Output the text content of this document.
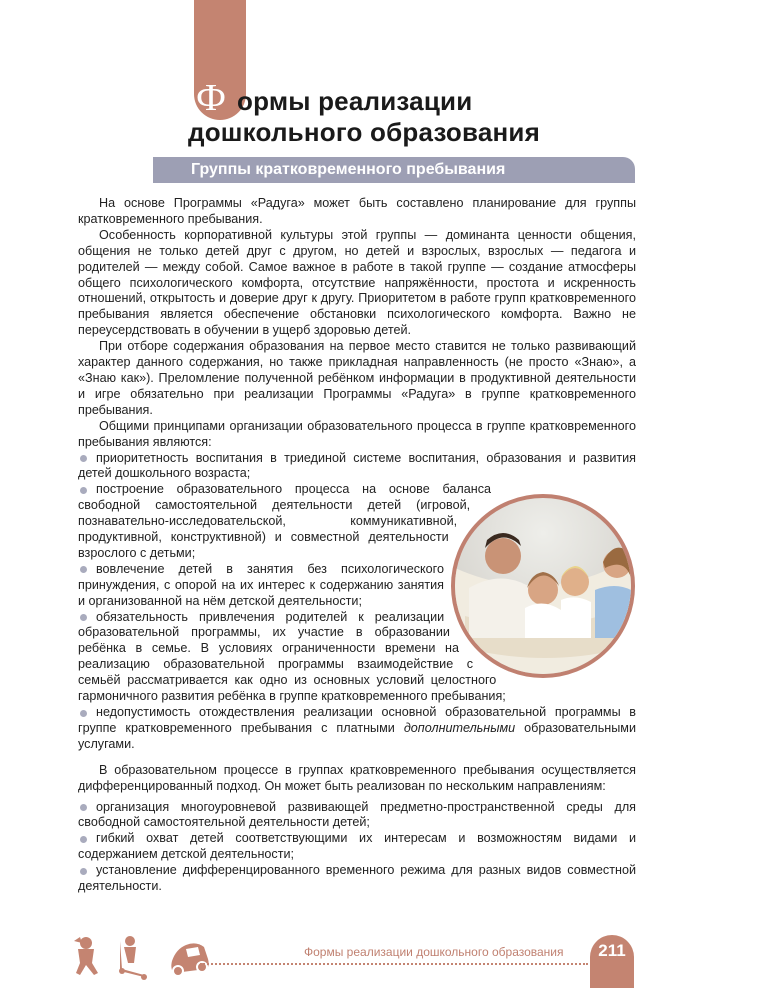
Ф ормы реализации
дошкольного образования
Группы кратковременного пребывания

На основе Программы «Радуга» может быть составлено планирование для группы кратковременного пребывания.

Особенность корпоративной культуры этой группы — доминанта ценности общения, общения не только детей друг с другом, но детей и взрослых, взрослых — педагога и родителей — между собой. Самое важное в работе в такой группе — создание атмосферы общего психологического комфорта, отсутствие напряжённости, простота и искренность отношений, открытость и доверие друг к другу. Приоритетом в работе групп кратковременного пребывания является обеспечение обстановки психологического комфорта. Важно не переусердствовать в обучении в ущерб здоровью детей.

При отборе содержания образования на первое место ставится не только развивающий характер данного содержания, но также прикладная направленность (не просто «Знаю», а «Знаю как»). Преломление полученной ребёнком информации в продуктивной деятельности и игре обязательно при реализации Программы «Радуга» в группе кратковременного пребывания.

Общими принципами организации образовательного процесса в группе кратковременного пребывания являются:

приоритетность воспитания в триединой системе воспитания, образования и развития детей дошкольного возраста;
построение образовательного процесса на основе баланса свободной самостоятельной деятельности детей (игровой, познавательно-исследовательской, коммуникативной, продуктивной, конструктивной) и совместной деятельности взрослого с детьми;
вовлечение детей в занятия без психологического принуждения, с опорой на их интерес к содержанию занятия и организованной на нём детской деятельности;
обязательность привлечения родителей к реализации образовательной программы, их участие в образовании ребёнка в семье. В условиях ограниченности времени на реализацию образовательной программы взаимодействие с семьёй рассматривается как одно из основных условий целостного гармоничного развития ребёнка в группе кратковременного пребывания;
недопустимость отождествления реализации основной образовательной программы в группе кратковременного пребывания с платными дополнительными образовательными услугами.

В образовательном процессе в группах кратковременного пребывания осуществляется дифференцированный подход. Он может быть реализован по нескольким направлениям:

организация многоуровневой развивающей предметно-пространственной среды для свободной самостоятельной деятельности детей;
гибкий охват детей соответствующими их интересам и возможностям видами и содержанием детской деятельности;
установление дифференцированного временного режима для разных видов совместной деятельности.
Формы реализации дошкольного образования	211
